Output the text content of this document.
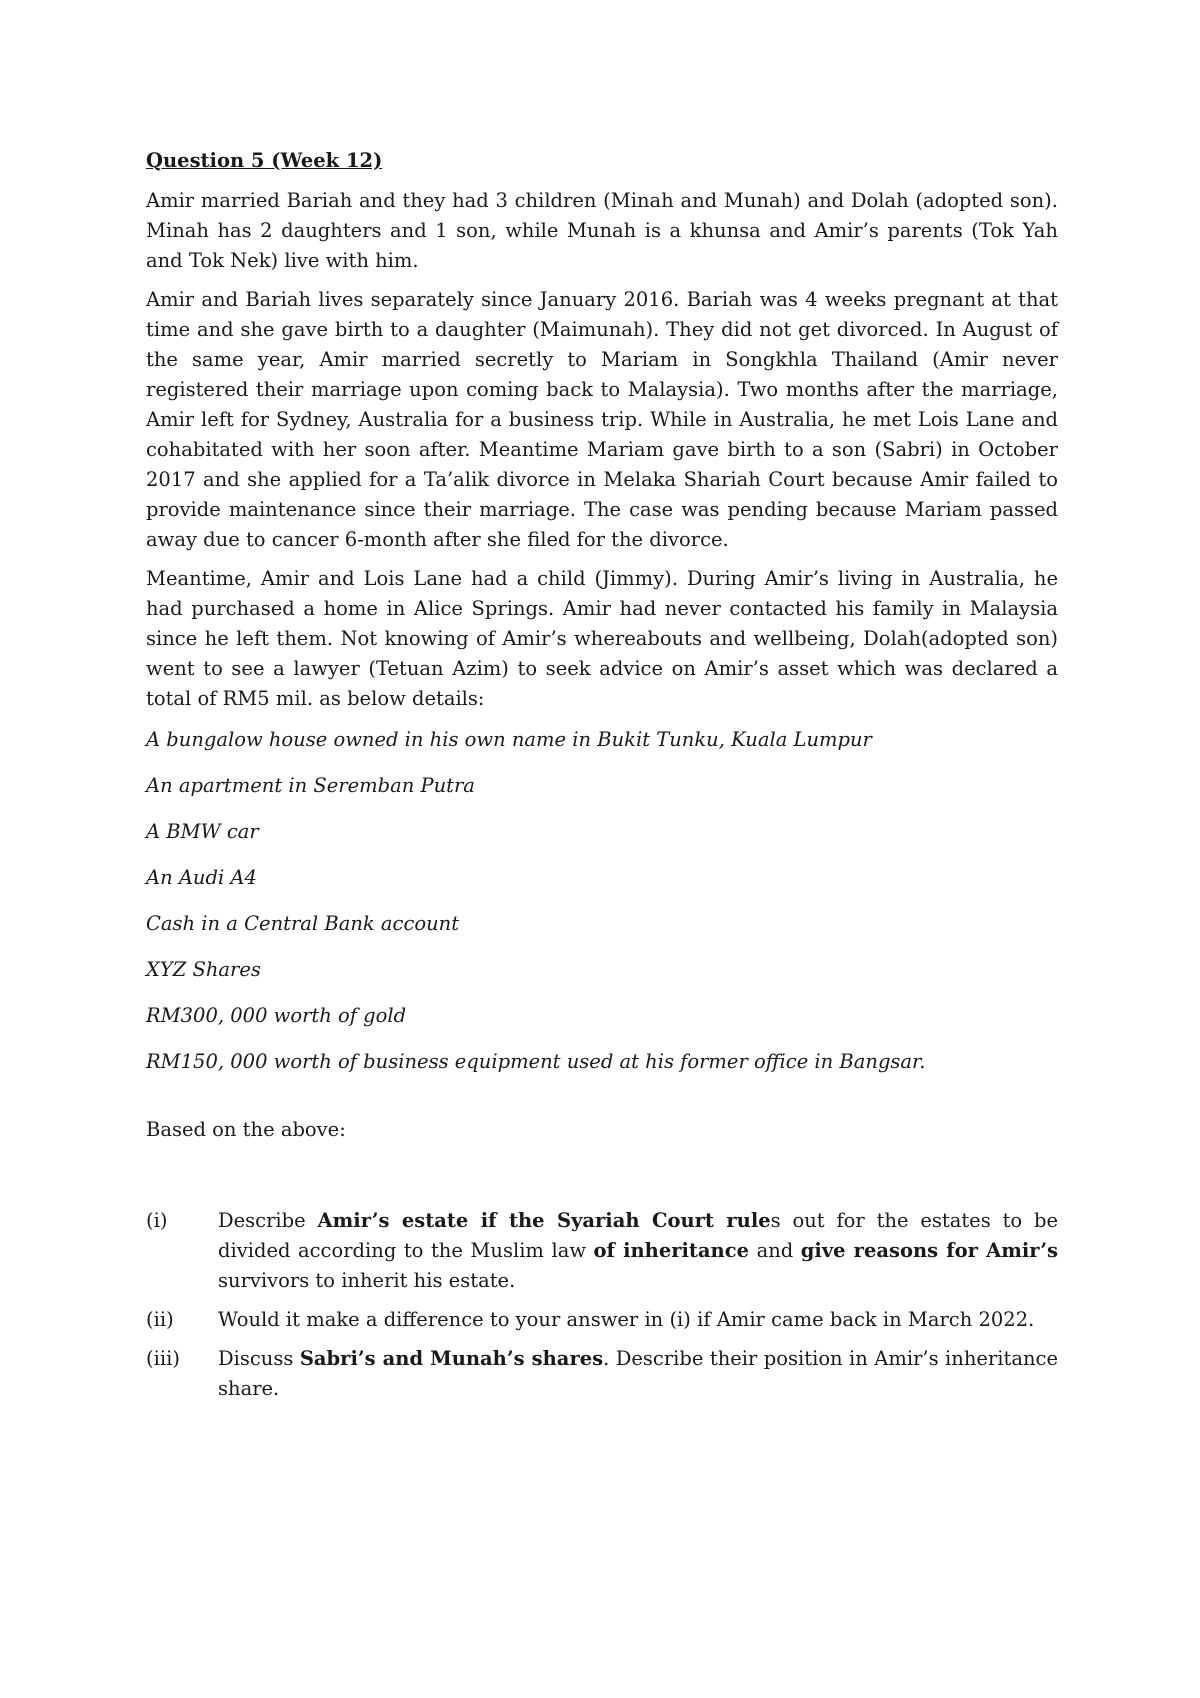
Question 5 (Week 12)

Amir married Bariah and they had 3 children (Minah and Munah) and Dolah (adopted son). Minah has 2 daughters and 1 son, while Munah is a khunsa and Amir’s parents (Tok Yah and Tok Nek) live with him.

Amir and Bariah lives separately since January 2016. Bariah was 4 weeks pregnant at that time and she gave birth to a daughter (Maimunah). They did not get divorced. In August of the same year, Amir married secretly to Mariam in Songkhla Thailand (Amir never registered their marriage upon coming back to Malaysia). Two months after the marriage, Amir left for Sydney, Australia for a business trip. While in Australia, he met Lois Lane and cohabitated with her soon after. Meantime Mariam gave birth to a son (Sabri) in October 2017 and she applied for a Ta’alik divorce in Melaka Shariah Court because Amir failed to provide maintenance since their marriage. The case was pending because Mariam passed away due to cancer 6-month after she filed for the divorce.

Meantime, Amir and Lois Lane had a child (Jimmy). During Amir’s living in Australia, he had purchased a home in Alice Springs. Amir had never contacted his family in Malaysia since he left them. Not knowing of Amir’s whereabouts and wellbeing, Dolah(adopted son) went to see a lawyer (Tetuan Azim) to seek advice on Amir’s asset which was declared a total of RM5 mil. as below details:

A bungalow house owned in his own name in Bukit Tunku, Kuala Lumpur
An apartment in Seremban Putra
A BMW car
An Audi A4
Cash in a Central Bank account
XYZ Shares
RM300, 000 worth of gold
RM150, 000 worth of business equipment used at his former office in Bangsar.
Based on the above:
(i)	Describe Amir’s estate if the Syariah Court rules out for the estates to be divided according to the Muslim law of inheritance and give reasons for Amir’s survivors to inherit his estate.
(ii)	Would it make a difference to your answer in (i) if Amir came back in March 2022.
(iii)	Discuss Sabri’s and Munah’s shares. Describe their position in Amir’s inheritance share.
